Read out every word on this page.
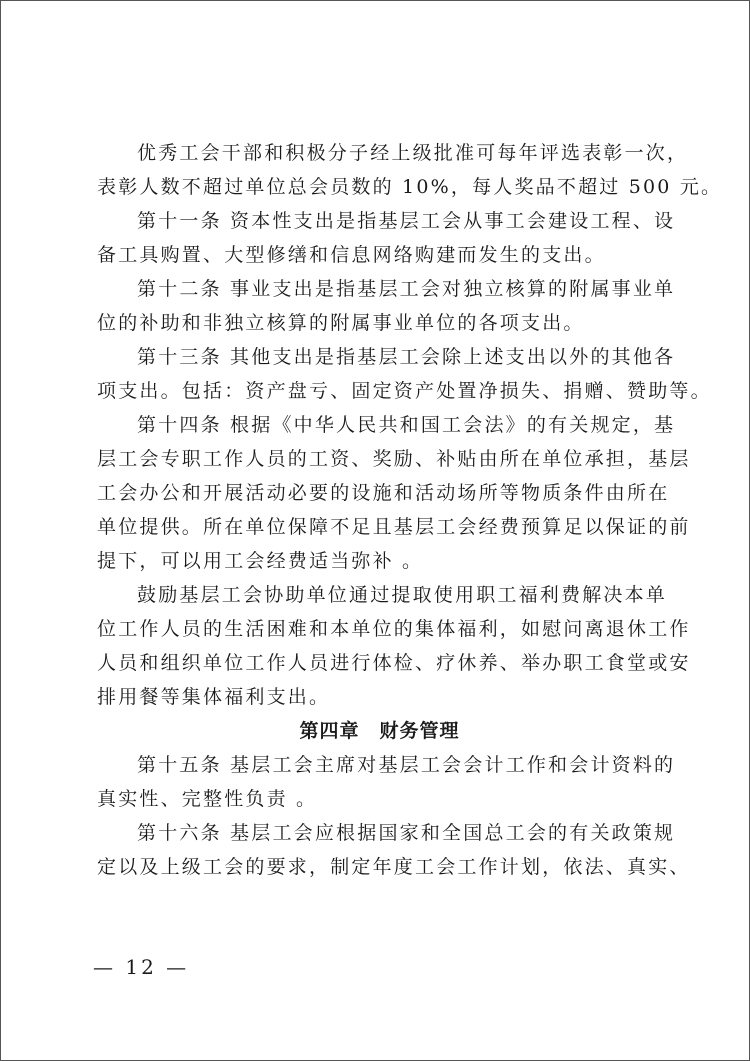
优秀工会干部和积极分子经上级批准可每年评选表彰一次，
表彰人数不超过单位总会员数的 10%，每人奖品不超过 500 元。

第十一条 资本性支出是指基层工会从事工会建设工程、设
备工具购置、大型修缮和信息网络购建而发生的支出。

第十二条 事业支出是指基层工会对独立核算的附属事业单
位的补助和非独立核算的附属事业单位的各项支出。

第十三条 其他支出是指基层工会除上述支出以外的其他各
项支出。包括：资产盘亏、固定资产处置净损失、捐赠、赞助等。

第十四条 根据《中华人民共和国工会法》的有关规定，基
层工会专职工作人员的工资、奖励、补贴由所在单位承担，基层
工会办公和开展活动必要的设施和活动场所等物质条件由所在
单位提供。所在单位保障不足且基层工会经费预算足以保证的前
提下，可以用工会经费适当弥补 。

鼓励基层工会协助单位通过提取使用职工福利费解决本单
位工作人员的生活困难和本单位的集体福利，如慰问离退休工作
人员和组织单位工作人员进行体检、疗休养、举办职工食堂或安
排用餐等集体福利支出。

第四章　财务管理

第十五条 基层工会主席对基层工会会计工作和会计资料的
真实性、完整性负责 。

第十六条 基层工会应根据国家和全国总工会的有关政策规
定以及上级工会的要求，制定年度工会工作计划，依法、真实、

— 12 —
